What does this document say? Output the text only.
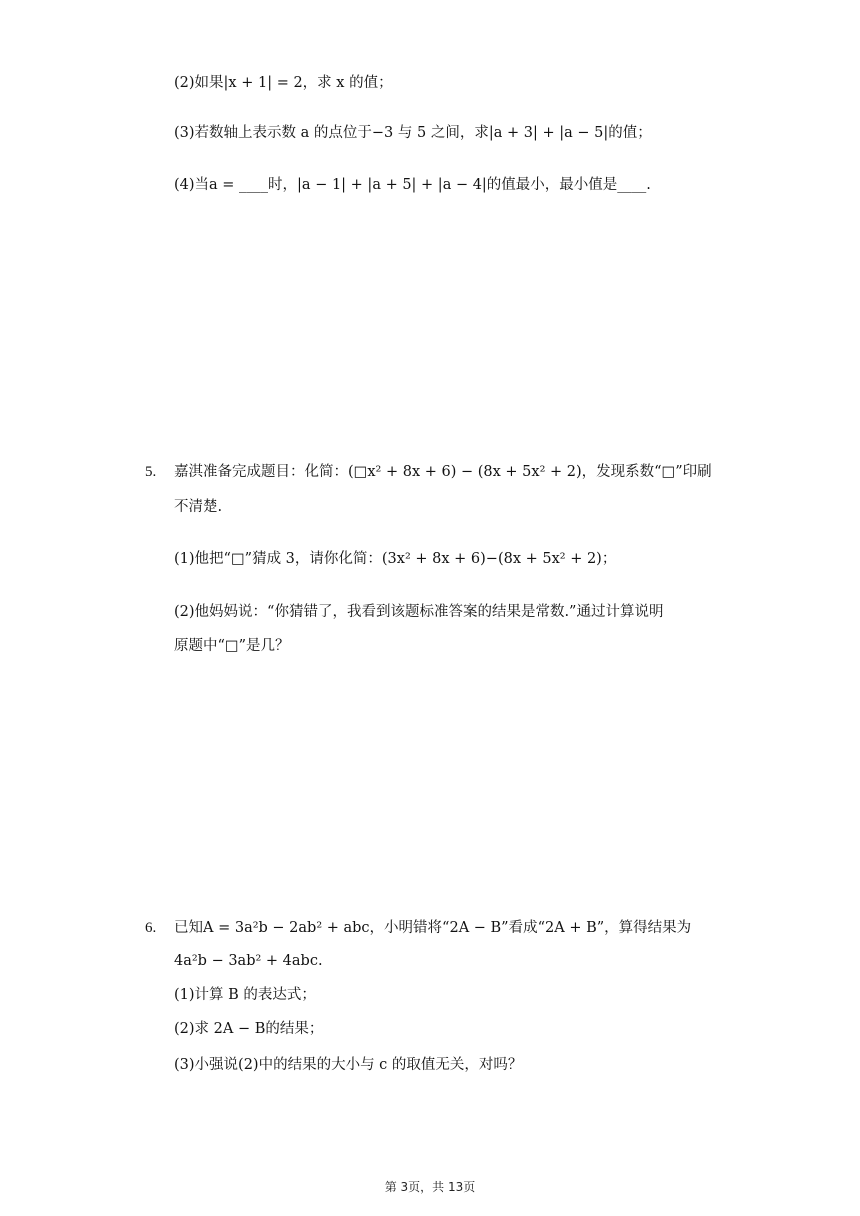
(2)如果|x + 1| = 2，求 x 的值；
(3)若数轴上表示数 a 的点位于−3 与 5 之间，求|a + 3| + |a − 5|的值；
(4)当a = ____时，|a − 1| + |a + 5| + |a − 4|的值最小，最小值是____.
5. 嘉淇准备完成题目：化简：(□x² + 8x + 6) − (8x + 5x² + 2)，发现系数“□”印刷
不清楚.
(1)他把“□”猜成 3，请你化简：(3x² + 8x + 6)−(8x + 5x² + 2)；
(2)他妈妈说：“你猜错了，我看到该题标准答案的结果是常数.”通过计算说明
原题中“□”是几？
6. 已知A = 3a²b − 2ab² + abc，小明错将“2A − B”看成“2A + B”，算得结果为
4a²b − 3ab² + 4abc.
(1)计算 B 的表达式；
(2)求 2A − B的结果；
(3)小强说(2)中的结果的大小与 c 的取值无关，对吗？
第 3页，共 13页
